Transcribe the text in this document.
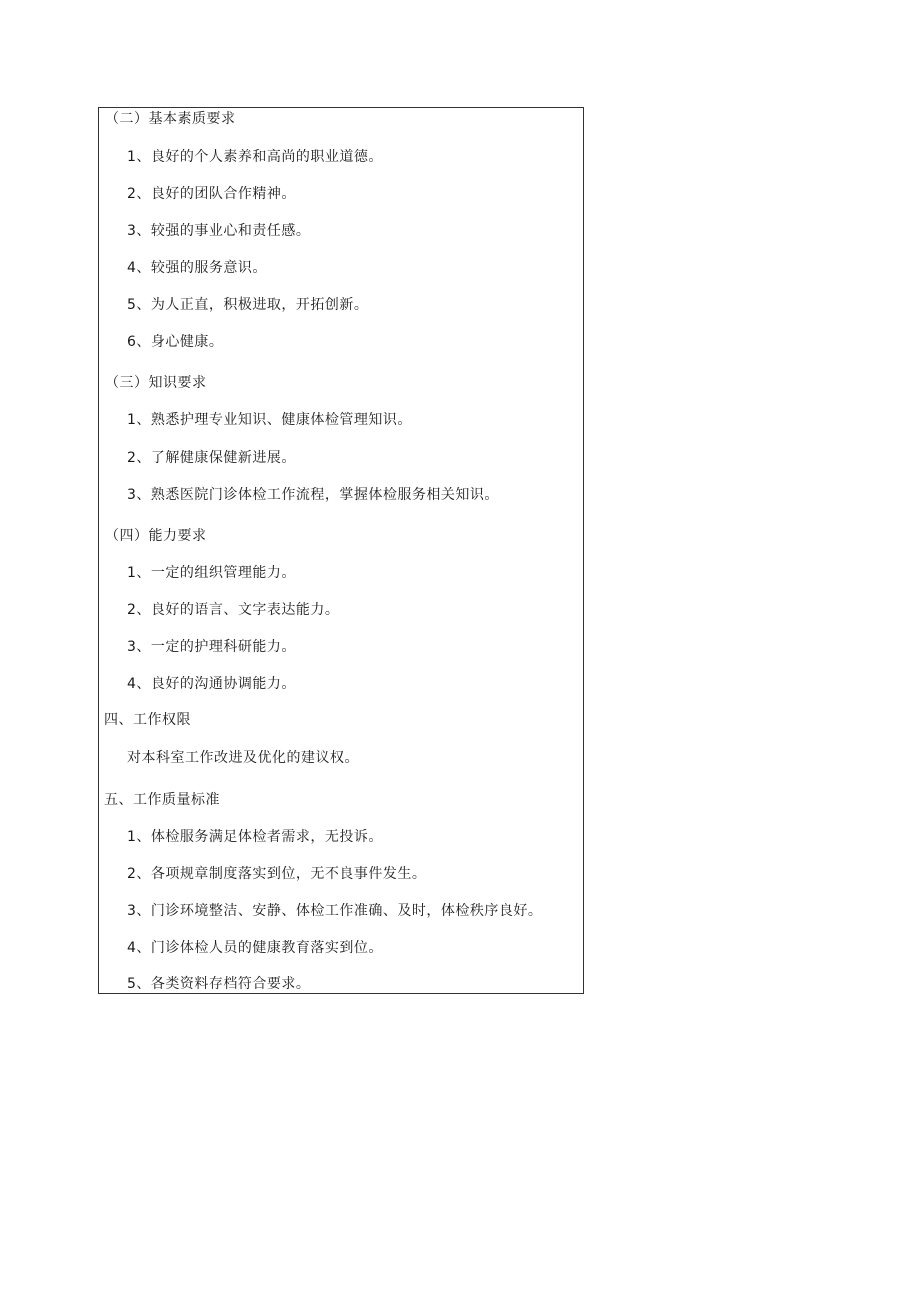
（二）基本素质要求
1、良好的个人素养和高尚的职业道德。
2、良好的团队合作精神。
3、较强的事业心和责任感。
4、较强的服务意识。
5、为人正直，积极进取，开拓创新。
6、身心健康。
（三）知识要求
1、熟悉护理专业知识、健康体检管理知识。
2、了解健康保健新进展。
3、熟悉医院门诊体检工作流程，掌握体检服务相关知识。
（四）能力要求
1、一定的组织管理能力。
2、良好的语言、文字表达能力。
3、一定的护理科研能力。
4、良好的沟通协调能力。
四、工作权限
对本科室工作改进及优化的建议权。
五、工作质量标准
1、体检服务满足体检者需求，无投诉。
2、各项规章制度落实到位，无不良事件发生。
3、门诊环境整洁、安静、体检工作准确、及时，体检秩序良好。
4、门诊体检人员的健康教育落实到位。
5、各类资料存档符合要求。
